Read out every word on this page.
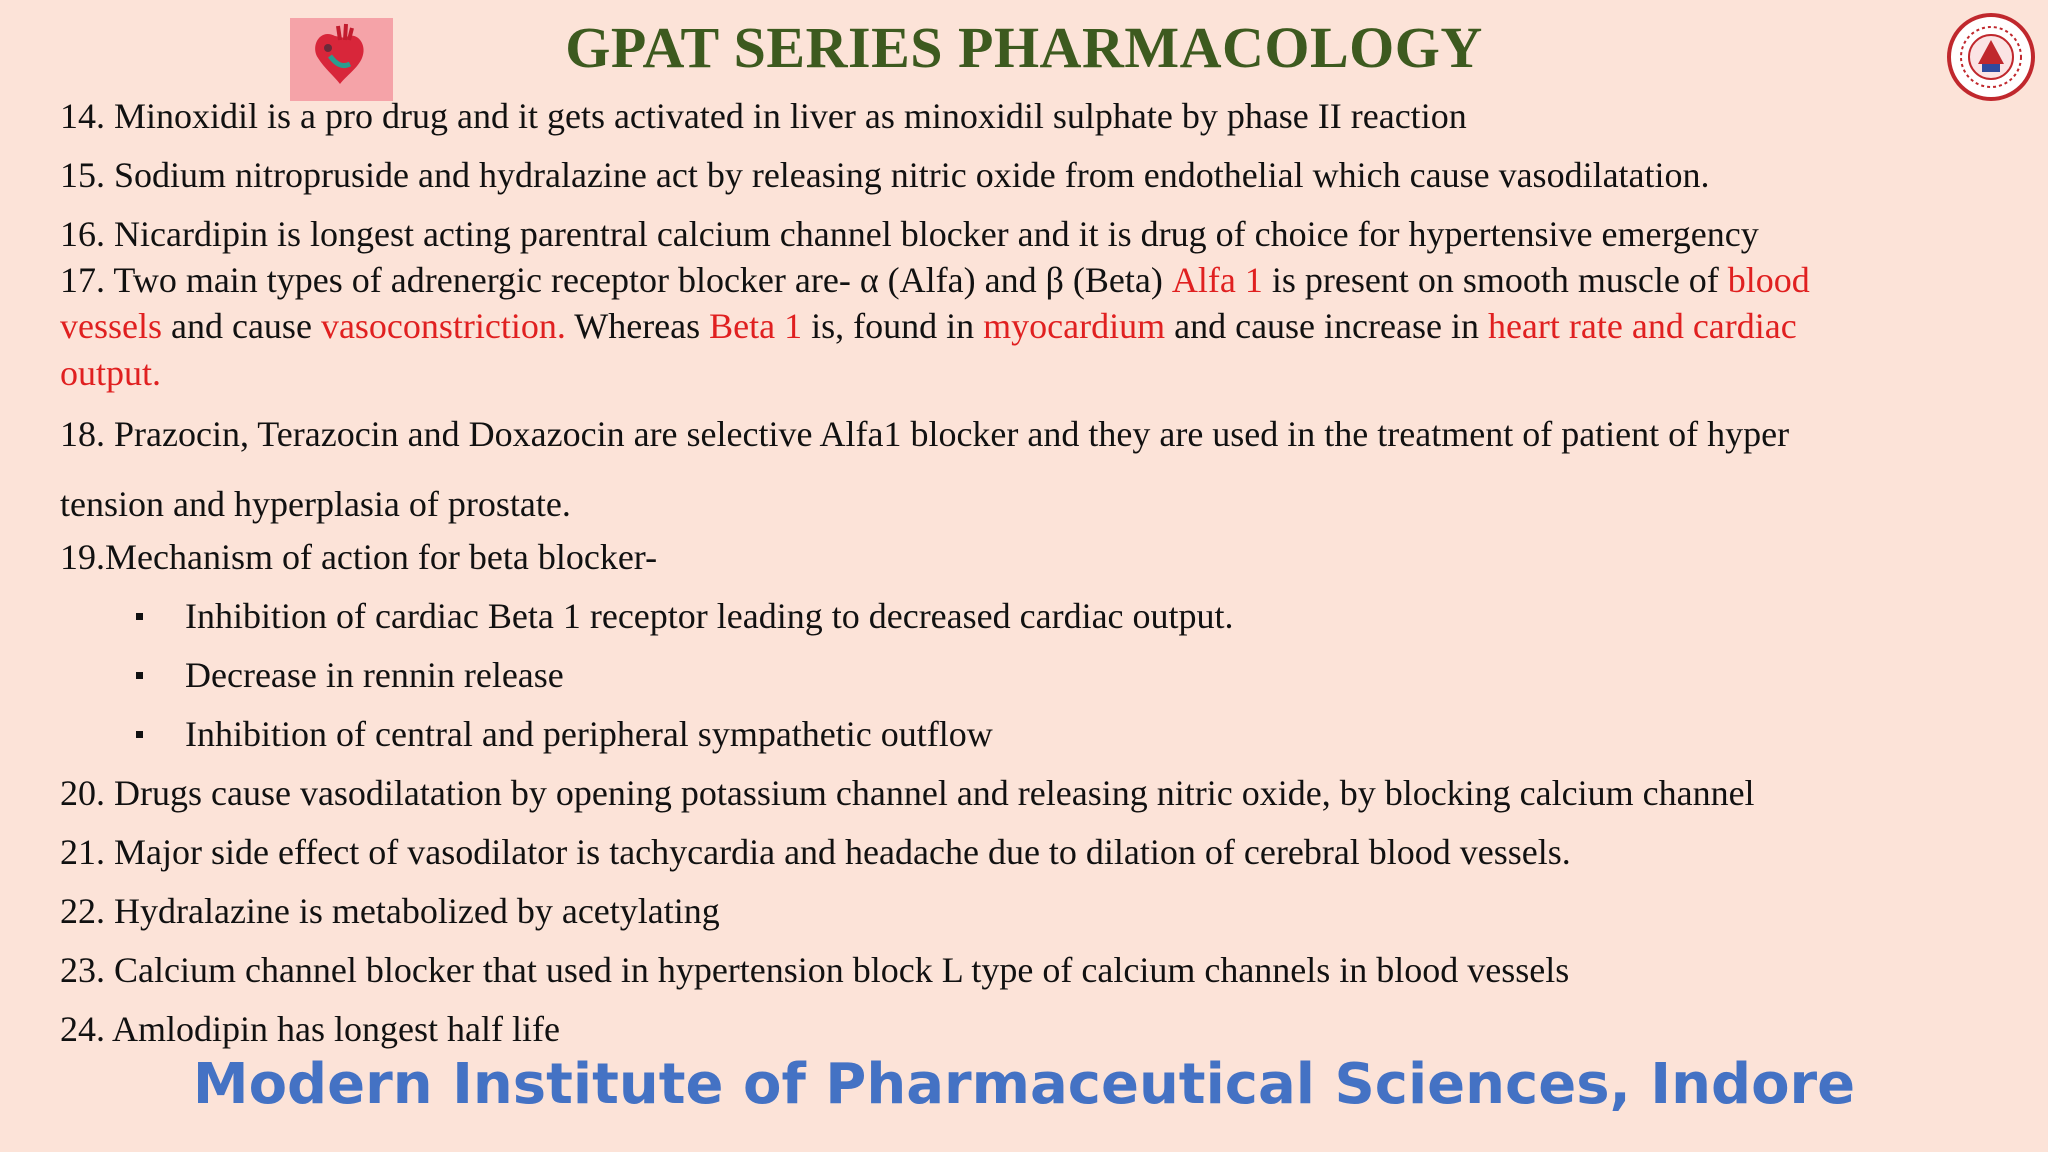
GPAT SERIES PHARMACOLOGY
14. Minoxidil is a pro drug and it gets activated in liver as minoxidil sulphate by phase II reaction
15. Sodium nitropruside and hydralazine act by releasing nitric oxide from endothelial which cause vasodilatation.
16. Nicardipin is longest acting parentral calcium channel blocker and it is drug of choice for hypertensive emergency
17. Two main types of adrenergic receptor blocker are- α (Alfa) and β (Beta) Alfa 1 is present on smooth muscle of blood
vessels and cause vasoconstriction. Whereas Beta 1 is, found in myocardium and cause increase in heart rate and cardiac
output.
18. Prazocin, Terazocin and Doxazocin are selective Alfa1 blocker and they are used in the treatment of patient of hyper
tension and hyperplasia of prostate.
19.Mechanism of action for beta blocker-
Inhibition of cardiac Beta 1 receptor leading to decreased cardiac output.
Decrease in rennin release
Inhibition of central and peripheral sympathetic outflow
20. Drugs cause vasodilatation by opening potassium channel and releasing nitric oxide, by blocking calcium channel
21. Major side effect of vasodilator is tachycardia and headache due to dilation of cerebral blood vessels.
22. Hydralazine is metabolized by acetylating
23. Calcium channel blocker that used in hypertension block L type of calcium channels in blood vessels
24. Amlodipin has longest half life
Modern Institute of Pharmaceutical Sciences, Indore
